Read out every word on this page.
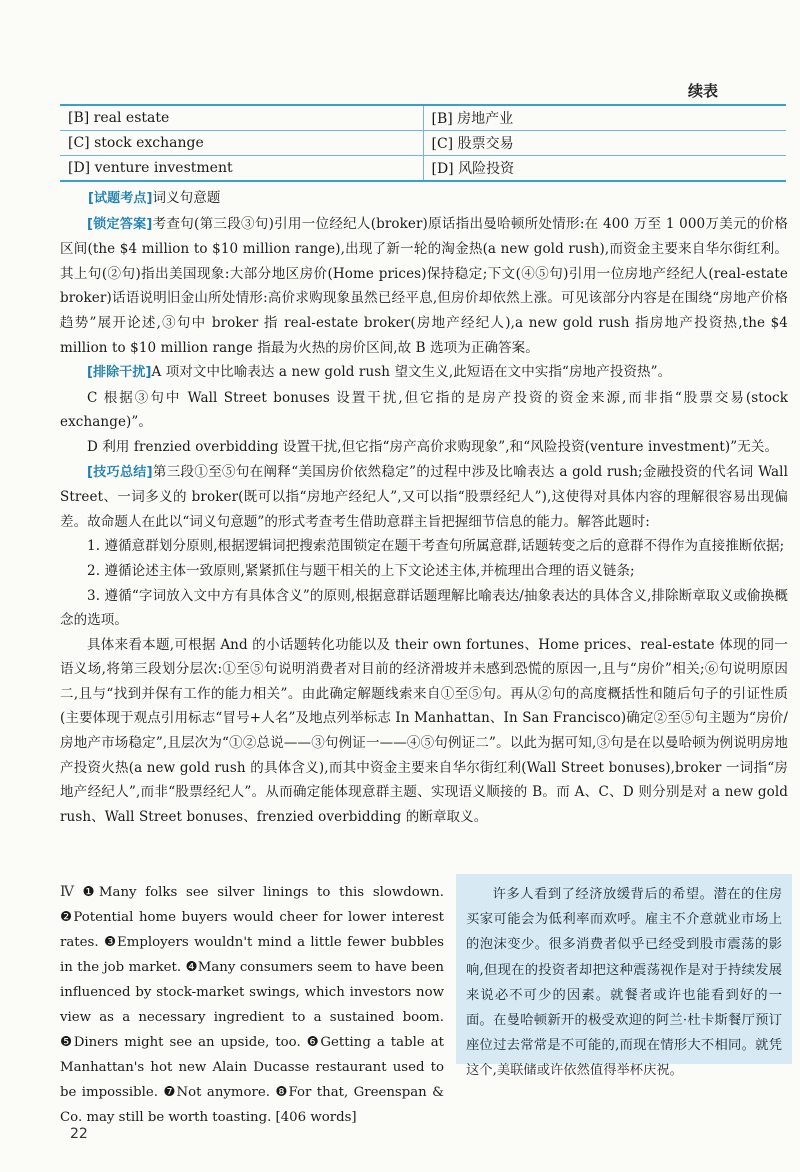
续表
[B] real estate	[B] 房地产业
[C] stock exchange	[C] 股票交易
[D] venture investment	[D] 风险投资

[试题考点]词义句意题

[锁定答案]考查句(第三段③句)引用一位经纪人(broker)原话指出曼哈顿所处情形:在 400 万至 1 000万美元的价格区间(the $4 million to $10 million range),出现了新一轮的淘金热(a new gold rush),而资金主要来自华尔街红利。其上句(②句)指出美国现象:大部分地区房价(Home prices)保持稳定;下文(④⑤句)引用一位房地产经纪人(real-estate broker)话语说明旧金山所处情形:高价求购现象虽然已经平息,但房价却依然上涨。可见该部分内容是在围绕“房地产价格趋势”展开论述,③句中 broker 指 real-estate broker(房地产经纪人),a new gold rush 指房地产投资热,the $4 million to $10 million range 指最为火热的房价区间,故 B 选项为正确答案。

[排除干扰]A 项对文中比喻表达 a new gold rush 望文生义,此短语在文中实指“房地产投资热”。

C 根据③句中 Wall Street bonuses 设置干扰,但它指的是房产投资的资金来源,而非指“股票交易(stock exchange)”。

D 利用 frenzied overbidding 设置干扰,但它指“房产高价求购现象”,和“风险投资(venture investment)”无关。

[技巧总结]第三段①至⑤句在阐释“美国房价依然稳定”的过程中涉及比喻表达 a gold rush;金融投资的代名词 Wall Street、一词多义的 broker(既可以指“房地产经纪人”,又可以指“股票经纪人”),这使得对具体内容的理解很容易出现偏差。故命题人在此以“词义句意题”的形式考查考生借助意群主旨把握细节信息的能力。解答此题时:

1. 遵循意群划分原则,根据逻辑词把搜索范围锁定在题干考查句所属意群,话题转变之后的意群不得作为直接推断依据;

2. 遵循论述主体一致原则,紧紧抓住与题干相关的上下文论述主体,并梳理出合理的语义链条;

3. 遵循“字词放入文中方有具体含义”的原则,根据意群话题理解比喻表达/抽象表达的具体含义,排除断章取义或偷换概念的选项。

具体来看本题,可根据 And 的小话题转化功能以及 their own fortunes、Home prices、real-estate 体现的同一语义场,将第三段划分层次:①至⑤句说明消费者对目前的经济滑坡并未感到恐慌的原因一,且与“房价”相关;⑥句说明原因二,且与“找到并保有工作的能力相关”。由此确定解题线索来自①至⑤句。再从②句的高度概括性和随后句子的引证性质(主要体现于观点引用标志“冒号+人名”及地点列举标志 In Manhattan、In San Francisco)确定②至⑤句主题为“房价/房地产市场稳定”,且层次为“①②总说——③句例证一——④⑤句例证二”。以此为据可知,③句是在以曼哈顿为例说明房地产投资火热(a new gold rush 的具体含义),而其中资金主要来自华尔街红利(Wall Street bonuses),broker 一词指“房地产经纪人”,而非“股票经纪人”。从而确定能体现意群主题、实现语义顺接的 B。而 A、C、D 则分别是对 a new gold rush、Wall Street bonuses、frenzied overbidding 的断章取义。

Ⅳ ❶Many folks see silver linings to this slowdown. ❷Potential home buyers would cheer for lower interest rates. ❸Employers wouldn't mind a little fewer bubbles in the job market. ❹Many consumers seem to have been influenced by stock-market swings, which investors now view as a necessary ingredient to a sustained boom. ❺Diners might see an upside, too. ❻Getting a table at Manhattan's hot new Alain Ducasse restaurant used to be impossible. ❼Not anymore. ❽For that, Greenspan & Co. may still be worth toasting. [406 words]

许多人看到了经济放缓背后的希望。潜在的住房买家可能会为低利率而欢呼。雇主不介意就业市场上的泡沫变少。很多消费者似乎已经受到股市震荡的影响,但现在的投资者却把这种震荡视作是对于持续发展来说必不可少的因素。就餐者或许也能看到好的一面。在曼哈顿新开的极受欢迎的阿兰·杜卡斯餐厅预订座位过去常常是不可能的,而现在情形大不相同。就凭这个,美联储或许依然值得举杯庆祝。

22
